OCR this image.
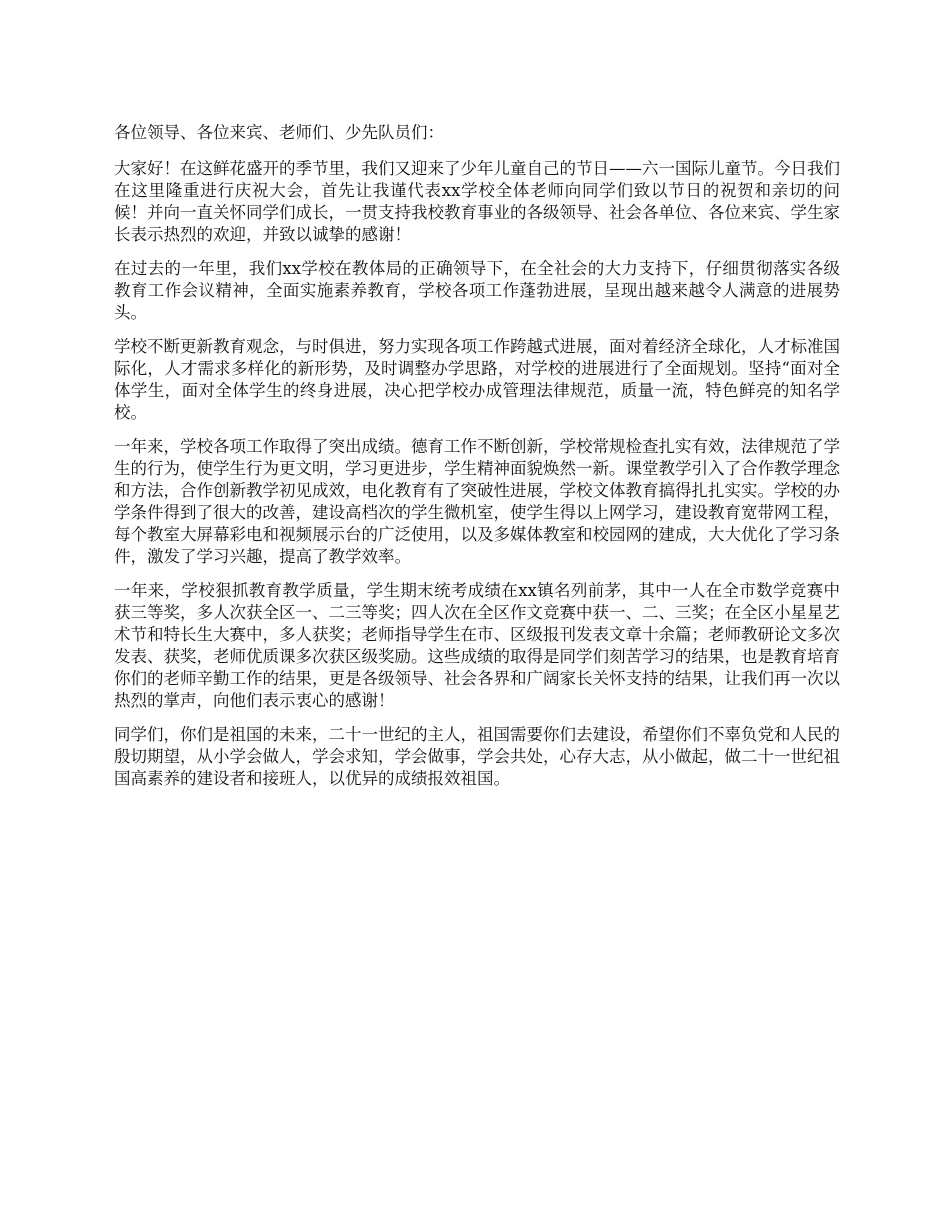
各位领导、各位来宾、老师们、少先队员们：

大家好！在这鲜花盛开的季节里，我们又迎来了少年儿童自己的节日——六一国际儿童节。今日我们在这里隆重进行庆祝大会，首先让我谨代表xx学校全体老师向同学们致以节日的祝贺和亲切的问候！并向一直关怀同学们成长，一贯支持我校教育事业的各级领导、社会各单位、各位来宾、学生家长表示热烈的欢迎，并致以诚挚的感谢！

在过去的一年里，我们xx学校在教体局的正确领导下，在全社会的大力支持下，仔细贯彻落实各级教育工作会议精神，全面实施素养教育，学校各项工作蓬勃进展，呈现出越来越令人满意的进展势头。

学校不断更新教育观念，与时俱进，努力实现各项工作跨越式进展，面对着经济全球化，人才标准国际化，人才需求多样化的新形势，及时调整办学思路，对学校的进展进行了全面规划。坚持“面对全体学生，面对全体学生的终身进展，决心把学校办成管理法律规范，质量一流，特色鲜亮的知名学校。

一年来，学校各项工作取得了突出成绩。德育工作不断创新，学校常规检查扎实有效，法律规范了学生的行为，使学生行为更文明，学习更进步，学生精神面貌焕然一新。课堂教学引入了合作教学理念和方法，合作创新教学初见成效，电化教育有了突破性进展，学校文体教育搞得扎扎实实。学校的办学条件得到了很大的改善，建设高档次的学生微机室，使学生得以上网学习，建设教育宽带网工程，每个教室大屏幕彩电和视频展示台的广泛使用，以及多媒体教室和校园网的建成，大大优化了学习条件，激发了学习兴趣，提高了教学效率。

一年来，学校狠抓教育教学质量，学生期末统考成绩在xx镇名列前茅，其中一人在全市数学竞赛中获三等奖，多人次获全区一、二三等奖；四人次在全区作文竞赛中获一、二、三奖；在全区小星星艺术节和特长生大赛中，多人获奖；老师指导学生在市、区级报刊发表文章十余篇；老师教研论文多次发表、获奖，老师优质课多次获区级奖励。这些成绩的取得是同学们刻苦学习的结果，也是教育培育你们的老师辛勤工作的结果，更是各级领导、社会各界和广阔家长关怀支持的结果，让我们再一次以热烈的掌声，向他们表示衷心的感谢！

同学们，你们是祖国的未来，二十一世纪的主人，祖国需要你们去建设，希望你们不辜负党和人民的殷切期望，从小学会做人，学会求知，学会做事，学会共处，心存大志，从小做起，做二十一世纪祖国高素养的建设者和接班人，以优异的成绩报效祖国。
